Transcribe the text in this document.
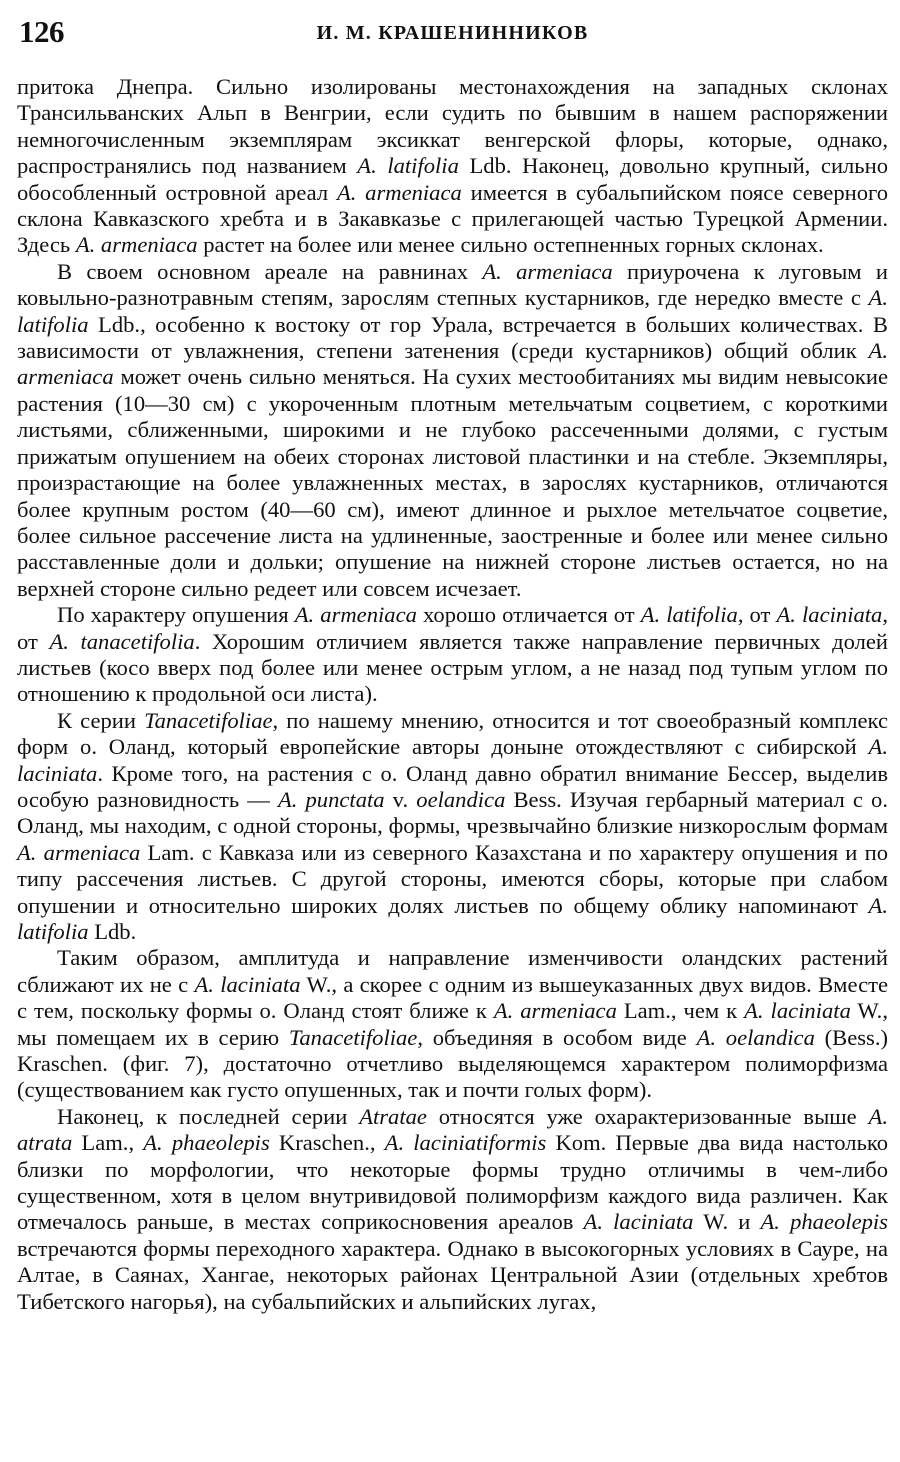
126	И. М. КРАШЕНИННИКОВ

притока Днепра. Сильно изолированы местонахождения на западных склонах Трансильванских Альп в Венгрии, если судить по бывшим в нашем распоряжении немногочисленным экземплярам эксиккат венгерской флоры, которые, однако, распространялись под названием A. latifolia Ldb. Наконец, довольно крупный, сильно обособленный островной ареал A. armeniaca имеется в субальпийском поясе северного склона Кавказского хребта и в Закавказье с прилегающей частью Турецкой Армении. Здесь A. armeniaca растет на более или менее сильно остепненных горных склонах.

В своем основном ареале на равнинах A. armeniaca приурочена к луговым и ковыльно-разнотравным степям, зарослям степных кустарников, где нередко вместе с A. latifolia Ldb., особенно к востоку от гор Урала, встречается в больших количествах. В зависимости от увлажнения, степени затенения (среди кустарников) общий облик A. armeniaca может очень сильно меняться. На сухих местообитаниях мы видим невысокие растения (10—30 см) с укороченным плотным метельчатым соцветием, с короткими листьями, сближенными, широкими и не глубоко рассеченными долями, с густым прижатым опушением на обеих сторонах листовой пластинки и на стебле. Экземпляры, произрастающие на более увлажненных местах, в зарослях кустарников, отличаются более крупным ростом (40—60 см), имеют длинное и рыхлое метельчатое соцветие, более сильное рассечение листа на удлиненные, заостренные и более или менее сильно расставленные доли и дольки; опушение на нижней стороне листьев остается, но на верхней стороне сильно редеет или совсем исчезает.

По характеру опушения A. armeniaca хорошо отличается от A. latifolia, от A. laciniata, от A. tanacetifolia. Хорошим отличием является также направление первичных долей листьев (косо вверх под более или менее острым углом, а не назад под тупым углом по отношению к продольной оси листа).

К серии Tanacetifoliae, по нашему мнению, относится и тот своеобразный комплекс форм о. Оланд, который европейские авторы доныне отождествляют с сибирской A. laciniata. Кроме того, на растения с о. Оланд давно обратил внимание Бессер, выделив особую разновидность — A. punctata v. oelandica Bess. Изучая гербарный материал с о. Оланд, мы находим, с одной стороны, формы, чрезвычайно близкие низкорослым формам A. armeniaca Lam. с Кавказа или из северного Казахстана и по характеру опушения и по типу рассечения листьев. С другой стороны, имеются сборы, которые при слабом опушении и относительно широких долях листьев по общему облику напоминают A. latifolia Ldb.

Таким образом, амплитуда и направление изменчивости оландских растений сближают их не с A. laciniata W., а скорее с одним из вышеуказанных двух видов. Вместе с тем, поскольку формы о. Оланд стоят ближе к A. armeniaca Lam., чем к A. laciniata W., мы помещаем их в серию Tanacetifoliae, объединяя в особом виде A. oelandica (Bess.) Kraschen. (фиг. 7), достаточно отчетливо выделяющемся характером полиморфизма (существованием как густо опушенных, так и почти голых форм).

Наконец, к последней серии Atratae относятся уже охарактеризованные выше A. atrata Lam., A. phaeolepis Kraschen., A. laciniatiformis Kom. Первые два вида настолько близки по морфологии, что некоторые формы трудно отличимы в чем-либо существенном, хотя в целом внутривидовой полиморфизм каждого вида различен. Как отмечалось раньше, в местах соприкосновения ареалов A. laciniata W. и A. phaeolepis встречаются формы переходного характера. Однако в высокогорных условиях в Сауре, на Алтае, в Саянах, Хангае, некоторых районах Центральной Азии (отдельных хребтов Тибетского нагорья), на субальпийских и альпийских лугах,
